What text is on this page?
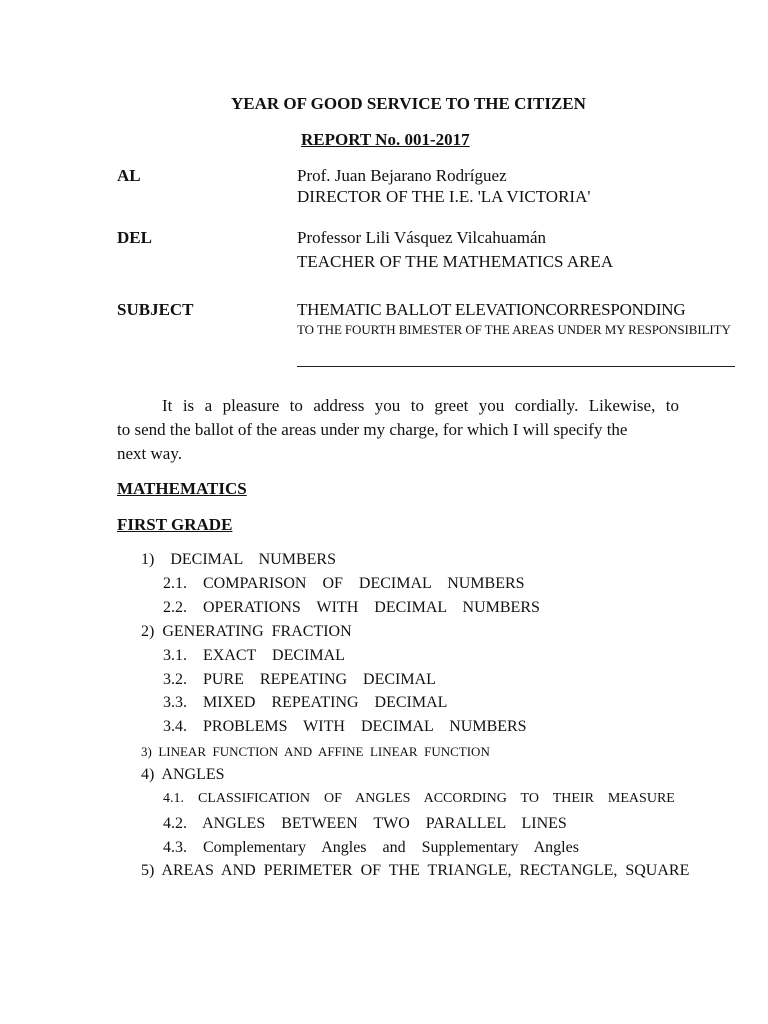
YEAR OF GOOD SERVICE TO THE CITIZEN
REPORT No. 001-2017
AL	Prof. Juan Bejarano Rodríguez
DIRECTOR OF THE I.E. 'LA VICTORIA'
DEL	Professor Lili Vásquez Vilcahuamán
TEACHER OF THE MATHEMATICS AREA
SUBJECT	THEMATIC BALLOT ELEVATIONCORRESPONDING
TO THE FOURTH BIMESTER OF THE AREAS UNDER MY RESPONSIBILITY
It is a pleasure to address you to greet you cordially. Likewise, to
to send the ballot of the areas under my charge, for which I will specify the
next way.
MATHEMATICS
FIRST GRADE
1)  DECIMAL  NUMBERS
2.1.    COMPARISON    OF    DECIMAL    NUMBERS
2.2.    OPERATIONS    WITH    DECIMAL    NUMBERS
2)  GENERATING  FRACTION
3.1.    EXACT    DECIMAL
3.2.    PURE    REPEATING    DECIMAL
3.3.    MIXED    REPEATING    DECIMAL
3.4.    PROBLEMS    WITH    DECIMAL    NUMBERS
3)  LINEAR  FUNCTION  AND  AFFINE  LINEAR  FUNCTION
4)  ANGLES
4.1.    CLASSIFICATION    OF    ANGLES    ACCORDING    TO    THEIR    MEASURE
4.2.    ANGLES    BETWEEN    TWO    PARALLEL    LINES
4.3.    Complementary    Angles    and    Supplementary    Angles
5)  AREAS  AND  PERIMETER  OF  THE  TRIANGLE,  RECTANGLE,  SQUARE
